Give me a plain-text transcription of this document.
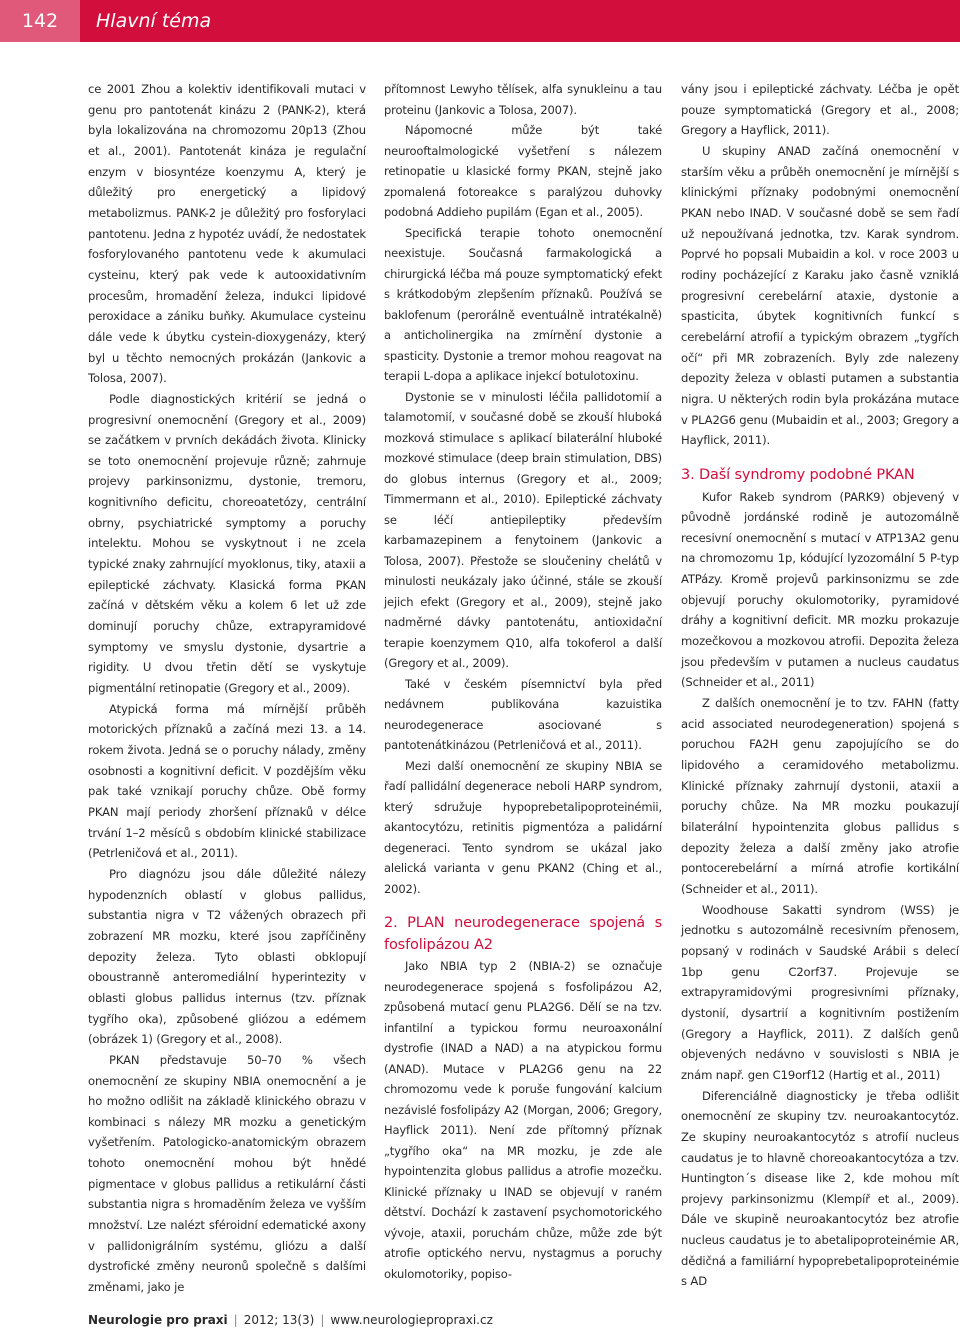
142	Hlavní téma

ce 2001 Zhou a kolektiv identifikovali mutaci v genu pro pantotenát kinázu 2 (PANK-2), která byla lokalizována na chromozomu 20p13 (Zhou et al., 2001). Pantotenát kináza je regulační enzym v biosyntéze koenzymu A, který je důležitý pro energetický a lipidový metabolizmus. PANK-2 je důležitý pro fosforylaci pantotenu. Jedna z hypotéz uvádí, že nedostatek fosforylovaného pantotenu vede k akumulaci cysteinu, který pak vede k autooxidativním procesům, hromadění železa, indukci lipidové peroxidace a zániku buňky. Akumulace cysteinu dále vede k úbytku cystein-dioxygenázy, který byl u těchto nemocných prokázán (Jankovic a Tolosa, 2007).

Podle diagnostických kritérií se jedná o progresivní onemocnění (Gregory et al., 2009) se začátkem v prvních dekádách života. Klinicky se toto onemocnění projevuje různě; zahrnuje projevy parkinsonizmu, dystonie, tremoru, kognitivního deficitu, choreoatetózy, centrální obrny, psychiatrické symptomy a poruchy intelektu. Mohou se vyskytnout i ne zcela typické znaky zahrnující myoklonus, tiky, ataxii a epileptické záchvaty. Klasická forma PKAN začíná v dětském věku a kolem 6 let už zde dominují poruchy chůze, extrapyramidové symptomy ve smyslu dystonie, dysartrie a rigidity. U dvou třetin dětí se vyskytuje pigmentální retinopatie (Gregory et al., 2009).

Atypická forma má mírnější průběh motorických příznaků a začíná mezi 13. a 14. rokem života. Jedná se o poruchy nálady, změny osobnosti a kognitivní deficit. V pozdějším věku pak také vznikají poruchy chůze. Obě formy PKAN mají periody zhoršení příznaků v délce trvání 1–2 měsíců s obdobím klinické stabilizace (Petrleničová et al., 2011).

Pro diagnózu jsou dále důležité nálezy hypodenzních oblastí v globus pallidus, substantia nigra v T2 vážených obrazech při zobrazení MR mozku, které jsou zapříčiněny depozity železa. Tyto oblasti obklopují oboustranně anteromediální hyperintezity v oblasti globus pallidus internus (tzv. příznak tygřího oka), způsobené gliózou a edémem (obrázek 1) (Gregory et al., 2008).

PKAN představuje 50–70 % všech onemocnění ze skupiny NBIA onemocnění a je ho možno odlišit na základě klinického obrazu v kombinaci s nálezy MR mozku a genetickým vyšetřením. Patologicko-anatomickým obrazem tohoto onemocnění mohou být hnědé pigmentace v globus pallidus a retikulární části substantia nigra s hromaděním železa ve vyšším množství. Lze nalézt sféroidní edematické axony v pallidonigrálním systému, gliózu a další dystrofické změny neuronů společně s dalšími změnami, jako je

přítomnost Lewyho tělísek, alfa synukleinu a tau proteinu (Jankovic a Tolosa, 2007).

Nápomocné může být také neurooftalmologické vyšetření s nálezem retinopatie u klasické formy PKAN, stejně jako zpomalená fotoreakce s paralýzou duhovky podobná Addieho pupilám (Egan et al., 2005).

Specifická terapie tohoto onemocnění neexistuje. Současná farmakologická a chirurgická léčba má pouze symptomatický efekt s krátkodobým zlepšením příznaků. Používá se baklofenum (perorálně eventuálně intratékalně) a anticholinergika na zmírnění dystonie a spasticity. Dystonie a tremor mohou reagovat na terapii L-dopa a aplikace injekcí botulotoxinu.

Dystonie se v minulosti léčila pallidotomií a talamotomií, v současné době se zkouší hluboká mozková stimulace s aplikací bilaterální hluboké mozkové stimulace (deep brain stimulation, DBS) do globus internus (Gregory et al., 2009; Timmermann et al., 2010). Epileptické záchvaty se léčí antiepileptiky především karbamazepinem a fenytoinem (Jankovic a Tolosa, 2007). Přestože se sloučeniny chelátů v minulosti neukázaly jako účinné, stále se zkouší jejich efekt (Gregory et al., 2009), stejně jako nadměrné dávky pantotenátu, antioxidační terapie koenzymem Q10, alfa tokoferol a další (Gregory et al., 2009).

Také v českém písemnictví byla před nedávnem publikována kazuistika neurodegenerace asociované s pantotenátkinázou (Petrleničová et al., 2011).

Mezi další onemocnění ze skupiny NBIA se řadí pallidální degenerace neboli HARP syndrom, který sdružuje hypoprebetalipoproteinémii, akantocytózu, retinitis pigmentóza a palidární degeneraci. Tento syndrom se ukázal jako alelická varianta v genu PKAN2 (Ching et al., 2002).

2. PLAN neurodegenerace spojená s fosfolipázou A2

Jako NBIA typ 2 (NBIA-2) se označuje neurodegenerace spojená s fosfolipázou A2, způsobená mutací genu PLA2G6. Dělí se na tzv. infantilní a typickou formu neuroaxonální dystrofie (INAD a NAD) a na atypickou formu (ANAD). Mutace v PLA2G6 genu na 22 chromozomu vede k poruše fungování kalcium nezávislé fosfolipázy A2 (Morgan, 2006; Gregory, Hayflick 2011). Není zde přítomný příznak „tygřího oka“ na MR mozku, je zde ale hypointenzita globus pallidus a atrofie mozečku. Klinické příznaky u INAD se objevují v raném dětství. Dochází k zastavení psychomotorického vývoje, ataxii, poruchám chůze, může zde být atrofie optického nervu, nystagmus a poruchy okulomotoriky, popiso-

vány jsou i epileptické záchvaty. Léčba je opět pouze symptomatická (Gregory et al., 2008; Gregory a Hayflick, 2011).

U skupiny ANAD začíná onemocnění v starším věku a průběh onemocnění je mírnější s klinickými příznaky podobnými onemocnění PKAN nebo INAD. V současné době se sem řadí už nepoužívaná jednotka, tzv. Karak syndrom. Poprvé ho popsali Mubaidin a kol. v roce 2003 u rodiny pocházející z Karaku jako časně vzniklá progresivní cerebelární ataxie, dystonie a spasticita, úbytek kognitivních funkcí s cerebelární atrofií a typickým obrazem „tygřích očí“ při MR zobrazeních. Byly zde nalezeny depozity železa v oblasti putamen a substantia nigra. U některých rodin byla prokázána mutace v PLA2G6 genu (Mubaidin et al., 2003; Gregory a Hayflick, 2011).

3. Daší syndromy podobné PKAN

Kufor Rakeb syndrom (PARK9) objevený v původně jordánské rodině je autozomálně recesivní onemocnění s mutací v ATP13A2 genu na chromozomu 1p, kódující lyzozomální 5 P-typ ATPázy. Kromě projevů parkinsonizmu se zde objevují poruchy okulomotoriky, pyramidové dráhy a kognitivní deficit. MR mozku prokazuje mozečkovou a mozkovou atrofii. Depozita železa jsou především v putamen a nucleus caudatus (Schneider et al., 2011)

Z dalších onemocnění je to tzv. FAHN (fatty acid associated neurodegeneration) spojená s poruchou FA2H genu zapojujícího se do lipidového a ceramidového metabolizmu. Klinické příznaky zahrnují dystonii, ataxii a poruchy chůze. Na MR mozku poukazují bilaterální hypointenzita globus pallidus s depozity železa a další změny jako atrofie pontocerebelární a mírná atrofie kortikální (Schneider et al., 2011).

Woodhouse Sakatti syndrom (WSS) je jednotku s autozomálně recesivním přenosem, popsaný v rodinách v Saudské Arábii s delecí 1bp genu C2orf37. Projevuje se extrapyramidovými progresivními příznaky, dystonií, dysartrií a kognitivním postižením (Gregory a Hayflick, 2011). Z dalších genů objevených nedávno v souvislosti s NBIA je znám např. gen C19orf12 (Hartig et al., 2011)

Diferenciálně diagnosticky je třeba odlišit onemocnění ze skupiny tzv. neuroakantocytóz. Ze skupiny neuroakantocytóz s atrofií nucleus caudatus je to hlavně choreoakantocytóza a tzv. Huntington´s disease like 2, kde mohou mít projevy parkinsonizmu (Klempíř et al., 2009). Dále ve skupině neuroakantocytóz bez atrofie nucleus caudatus je to abetalipoproteinémie AR, dědičná a familiární hypoprebetalipoproteinémie s AD

Neurologie pro praxi | 2012; 13(3) | www.neurologiepropraxi.cz
